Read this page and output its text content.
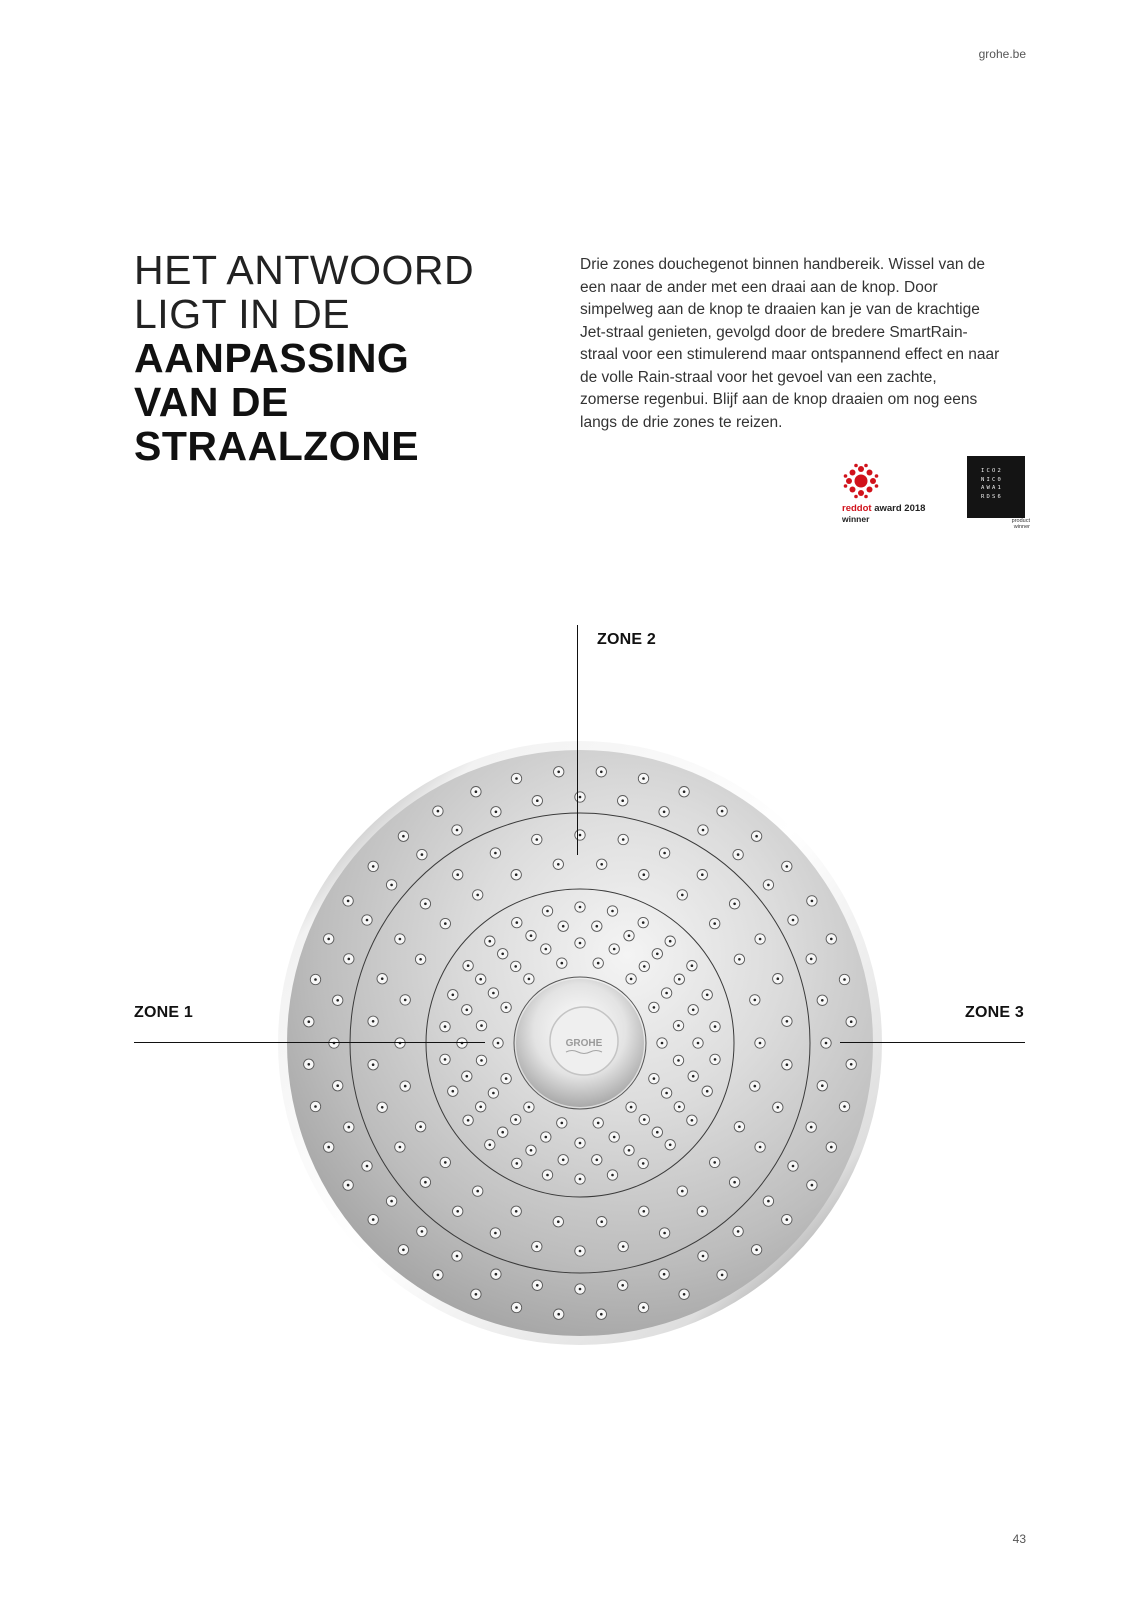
grohe.be
HET ANTWOORD
LIGT IN DE
AANPASSING
VAN DE
STRAALZONE

Drie zones douchegenot binnen handbereik. Wissel van de een naar de ander met een draai aan de knop. Door simpelweg aan de knop te draaien kan je van de krachtige Jet-straal genieten, gevolgd door de bredere SmartRain-straal voor een stimulerend maar ontspannend effect en naar de volle Rain-straal voor het gevoel van een zachte, zomerse regenbui. Blijf aan de knop draaien om nog eens langs de drie zones te reizen.

reddot award 2018
winner
ICO2
NIC0
AWA1
RDS6
product winner
ZONE 2
ZONE 1	ZONE 3
GROHE
43
